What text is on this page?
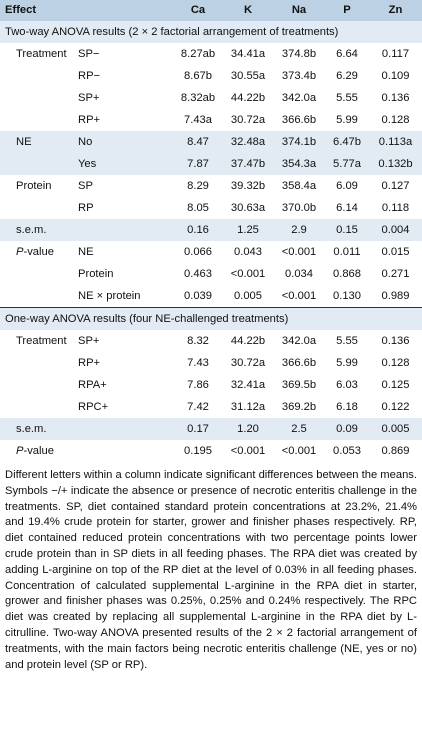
Effect		Ca	K	Na	P	Zn
Two-way ANOVA results (2 × 2 factorial arrangement of treatments)						
Treatment	SP−	8.27ab	34.41a	374.8b	6.64	0.117
	RP−	8.67b	30.55a	373.4b	6.29	0.109
	SP+	8.32ab	44.22b	342.0a	5.55	0.136
	RP+	7.43a	30.72a	366.6b	5.99	0.128
NE	No	8.47	32.48a	374.1b	6.47b	0.113a
	Yes	7.87	37.47b	354.3a	5.77a	0.132b
Protein	SP	8.29	39.32b	358.4a	6.09	0.127
	RP	8.05	30.63a	370.0b	6.14	0.118
s.e.m.		0.16	1.25	2.9	0.15	0.004
P-value	NE	0.066	0.043	<0.001	0.011	0.015
	Protein	0.463	<0.001	0.034	0.868	0.271
	NE × protein	0.039	0.005	<0.001	0.130	0.989
One-way ANOVA results (four NE-challenged treatments)						
Treatment	SP+	8.32	44.22b	342.0a	5.55	0.136
	RP+	7.43	30.72a	366.6b	5.99	0.128
	RPA+	7.86	32.41a	369.5b	6.03	0.125
	RPC+	7.42	31.12a	369.2b	6.18	0.122
s.e.m.		0.17	1.20	2.5	0.09	0.005
P-value		0.195	<0.001	<0.001	0.053	0.869

Different letters within a column indicate significant differences between the means. Symbols −/+ indicate the absence or presence of necrotic enteritis challenge in the treatments. SP, diet contained standard protein concentrations at 23.2%, 21.4% and 19.4% crude protein for starter, grower and finisher phases respectively. RP, diet contained reduced protein concentrations with two percentage points lower crude protein than in SP diets in all feeding phases. The RPA diet was created by adding L-arginine on top of the RP diet at the level of 0.03% in all feeding phases. Concentration of calculated supplemental L-arginine in the RPA diet in starter, grower and finisher phases was 0.25%, 0.25% and 0.24% respectively. The RPC diet was created by replacing all supplemental L-arginine in the RPA diet by L-citrulline. Two-way ANOVA presented results of the 2 × 2 factorial arrangement of treatments, with the main factors being necrotic enteritis challenge (NE, yes or no) and protein level (SP or RP).
